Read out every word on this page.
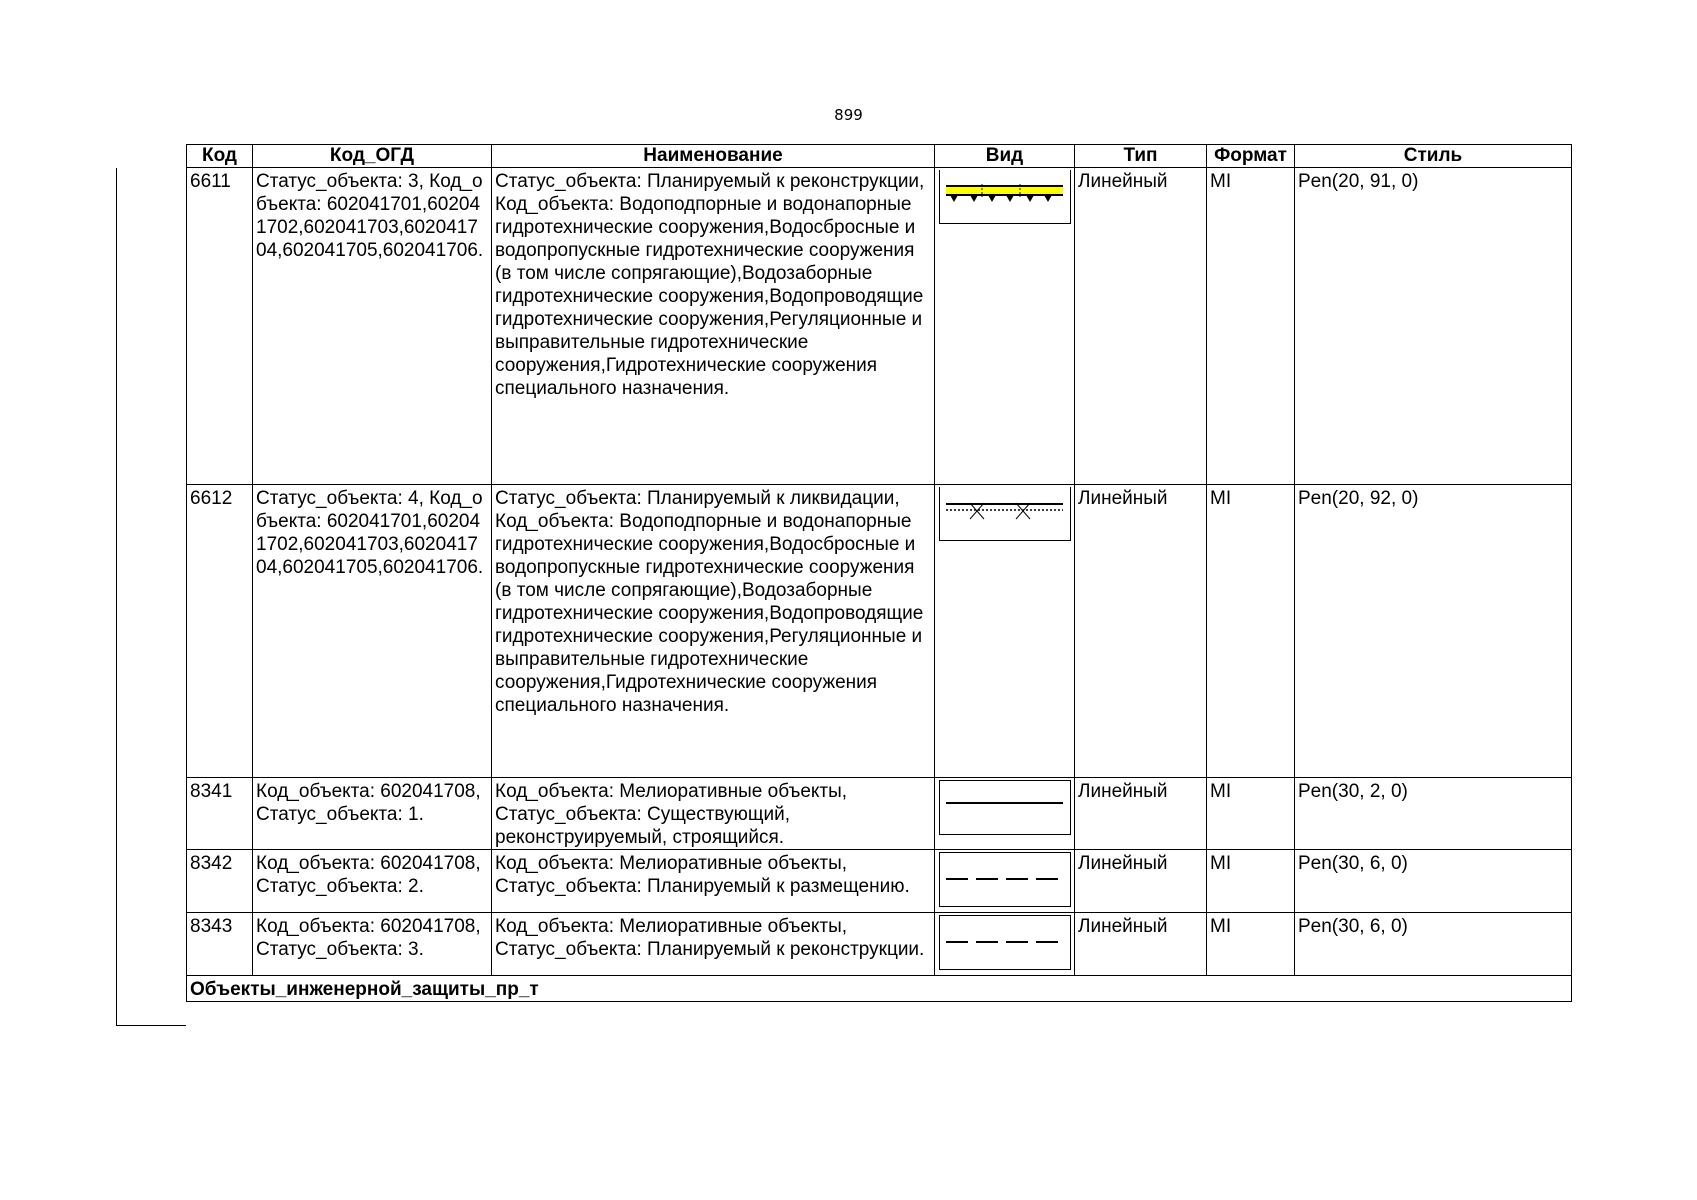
899
Код	Код_ОГД	Наименование	Вид	Тип	Формат	Стиль
6611	Статус_объекта: 3, Код_объекта: 602041701,602041702,602041703,602041704,602041705,602041706.	Статус_объекта: Планируемый к реконструкции, Код_объекта: Водоподпорные и водонапорные гидротехнические сооружения,Водосбросные и водопропускные гидротехнические сооружения (в том числе сопрягающие),Водозаборные гидротехнические сооружения,Водопроводящие гидротехнические сооружения,Регуляционные и выправительные гидротехнические сооружения,Гидротехнические сооружения специального назначения.		Линейный	MI	Pen(20, 91, 0)
6612	Статус_объекта: 4, Код_объекта: 602041701,602041702,602041703,602041704,602041705,602041706.	Статус_объекта: Планируемый к ликвидации, Код_объекта: Водоподпорные и водонапорные гидротехнические сооружения,Водосбросные и водопропускные гидротехнические сооружения (в том числе сопрягающие),Водозаборные гидротехнические сооружения,Водопроводящие гидротехнические сооружения,Регуляционные и выправительные гидротехнические сооружения,Гидротехнические сооружения специального назначения.		Линейный	MI	Pen(20, 92, 0)
8341	Код_объекта: 602041708, Статус_объекта: 1.	Код_объекта: Мелиоративные объекты, Статус_объекта: Существующий, реконструируемый, строящийся.		Линейный	MI	Pen(30, 2, 0)
8342	Код_объекта: 602041708, Статус_объекта: 2.	Код_объекта: Мелиоративные объекты, Статус_объекта: Планируемый к размещению.		Линейный	MI	Pen(30, 6, 0)
8343	Код_объекта: 602041708, Статус_объекта: 3.	Код_объекта: Мелиоративные объекты, Статус_объекта: Планируемый к реконструкции.		Линейный	MI	Pen(30, 6, 0)
Объекты_инженерной_защиты_пр_т						
